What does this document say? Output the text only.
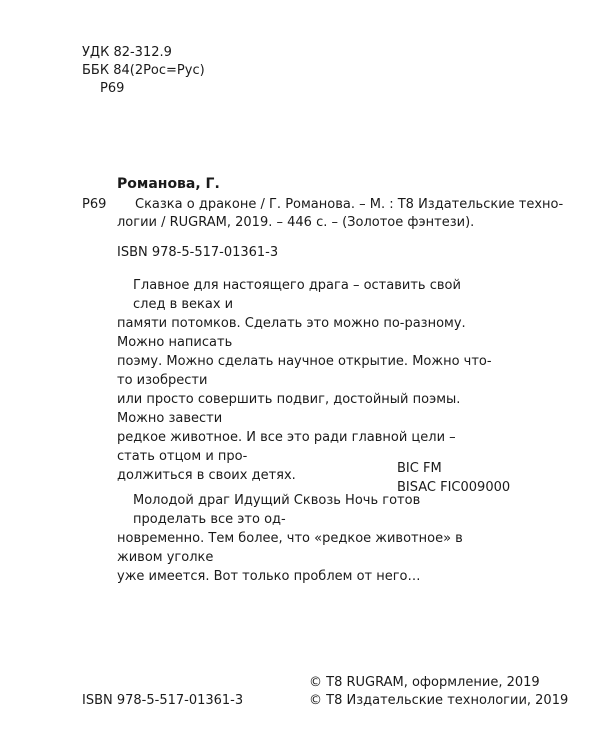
УДК 82-312.9
ББК 84(2Рос=Рус)
Р69
Романова, Г.
Р69 Сказка о драконе / Г. Романова. – М. : Т8 Издательские техно-
логии / RUGRAM, 2019. – 446 с. – (Золотое фэнтези).
ISBN 978-5-517-01361-3
Главное для настоящего драга – оставить свой след в веках и
памяти потомков. Сделать это можно по-разному. Можно написать
поэму. Можно сделать научное открытие. Можно что-то изобрести
или просто совершить подвиг, достойный поэмы. Можно завести
редкое животное. И все это ради главной цели – стать отцом и про-
должиться в своих детях.
Молодой драг Идущий Сквозь Ночь готов проделать все это од-
новременно. Тем более, что «редкое животное» в живом уголке
уже имеется. Вот только проблем от него…
BIC FM
BISAC FIC009000
ISBN 978-5-517-01361-3
© Т8 RUGRAM, оформление, 2019
© Т8 Издательские технологии, 2019
